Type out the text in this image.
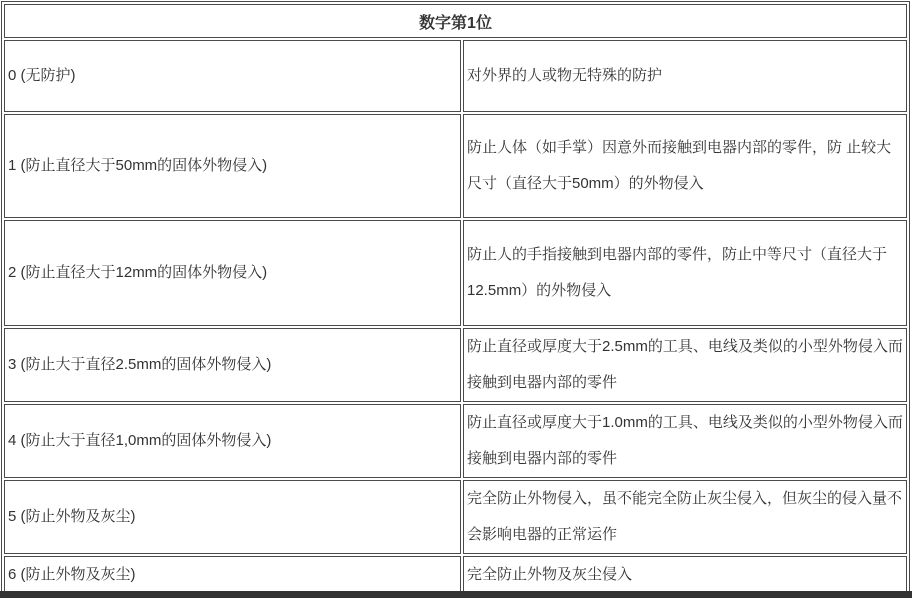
数字第1位	
0 (无防护)	对外界的人或物无特殊的防护
1 (防止直径大于50mm的固体外物侵入)	防止人体（如手掌）因意外而接触到电器内部的零件，防 止较大尺寸（直径大于50mm）的外物侵入
2 (防止直径大于12mm的固体外物侵入)	防止人的手指接触到电器内部的零件，防止中等尺寸（直径大于12.5mm）的外物侵入
3 (防止大于直径2.5mm的固体外物侵入)	防止直径或厚度大于2.5mm的工具、电线及类似的小型外物侵入而接触到电器内部的零件
4 (防止大于直径1,0mm的固体外物侵入)	防止直径或厚度大于1.0mm的工具、电线及类似的小型外物侵入而接触到电器内部的零件
5 (防止外物及灰尘)	完全防止外物侵入，虽不能完全防止灰尘侵入，但灰尘的侵入量不会影响电器的正常运作
6 (防止外物及灰尘)	完全防止外物及灰尘侵入
